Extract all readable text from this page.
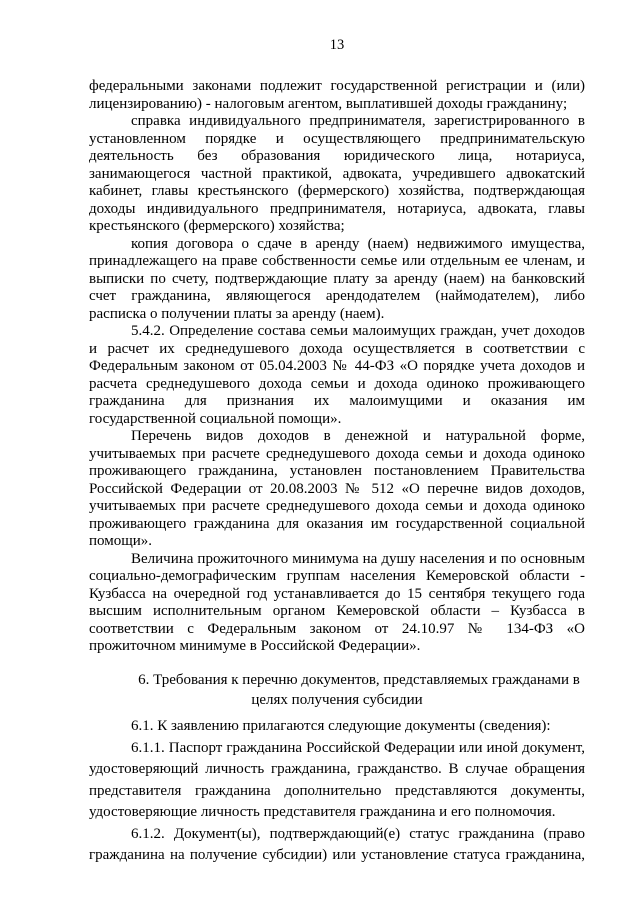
13
федеральными законами подлежит государственной регистрации и (или)
лицензированию) - налоговым агентом, выплатившей доходы гражданину;
справка индивидуального предпринимателя, зарегистрированного в
установленном порядке и осуществляющего предпринимательскую
деятельность без образования юридического лица, нотариуса,
занимающегося частной практикой, адвоката, учредившего адвокатский
кабинет, главы крестьянского (фермерского) хозяйства, подтверждающая
доходы индивидуального предпринимателя, нотариуса, адвоката, главы
крестьянского (фермерского) хозяйства;
копия договора о сдаче в аренду (наем) недвижимого имущества,
принадлежащего на праве собственности семье или отдельным ее членам, и
выписки по счету, подтверждающие плату за аренду (наем) на банковский
счет гражданина, являющегося арендодателем (наймодателем), либо
расписка о получении платы за аренду (наем).
5.4.2. Определение состава семьи малоимущих граждан, учет доходов
и расчет их среднедушевого дохода осуществляется в соответствии с
Федеральным законом от 05.04.2003 № 44-ФЗ «О порядке учета доходов и
расчета среднедушевого дохода семьи и дохода одиноко проживающего
гражданина для признания их малоимущими и оказания им
государственной социальной помощи».
Перечень видов доходов в денежной и натуральной форме,
учитываемых при расчете среднедушевого дохода семьи и дохода одиноко
проживающего гражданина, установлен постановлением Правительства
Российской Федерации от 20.08.2003 № 512 «О перечне видов доходов,
учитываемых при расчете среднедушевого дохода семьи и дохода одиноко
проживающего гражданина для оказания им государственной социальной
помощи».
Величина прожиточного минимума на душу населения и по основным
социально-демографическим группам населения Кемеровской области -
Кузбасса на очередной год устанавливается до 15 сентября текущего года
высшим исполнительным органом Кемеровской области – Кузбасса в
соответствии с Федеральным законом от 24.10.97 № 134-ФЗ «О
прожиточном минимуме в Российской Федерации».
6. Требования к перечню документов, представляемых гражданами в
целях получения субсидии
6.1. К заявлению прилагаются следующие документы (сведения):
6.1.1. Паспорт гражданина Российской Федерации или иной документ,
удостоверяющий личность гражданина, гражданство. В случае обращения
представителя гражданина дополнительно представляются документы,
удостоверяющие личность представителя гражданина и его полномочия.
6.1.2. Документ(ы), подтверждающий(е) статус гражданина (право
гражданина на получение субсидии) или установление статуса гражданина,
